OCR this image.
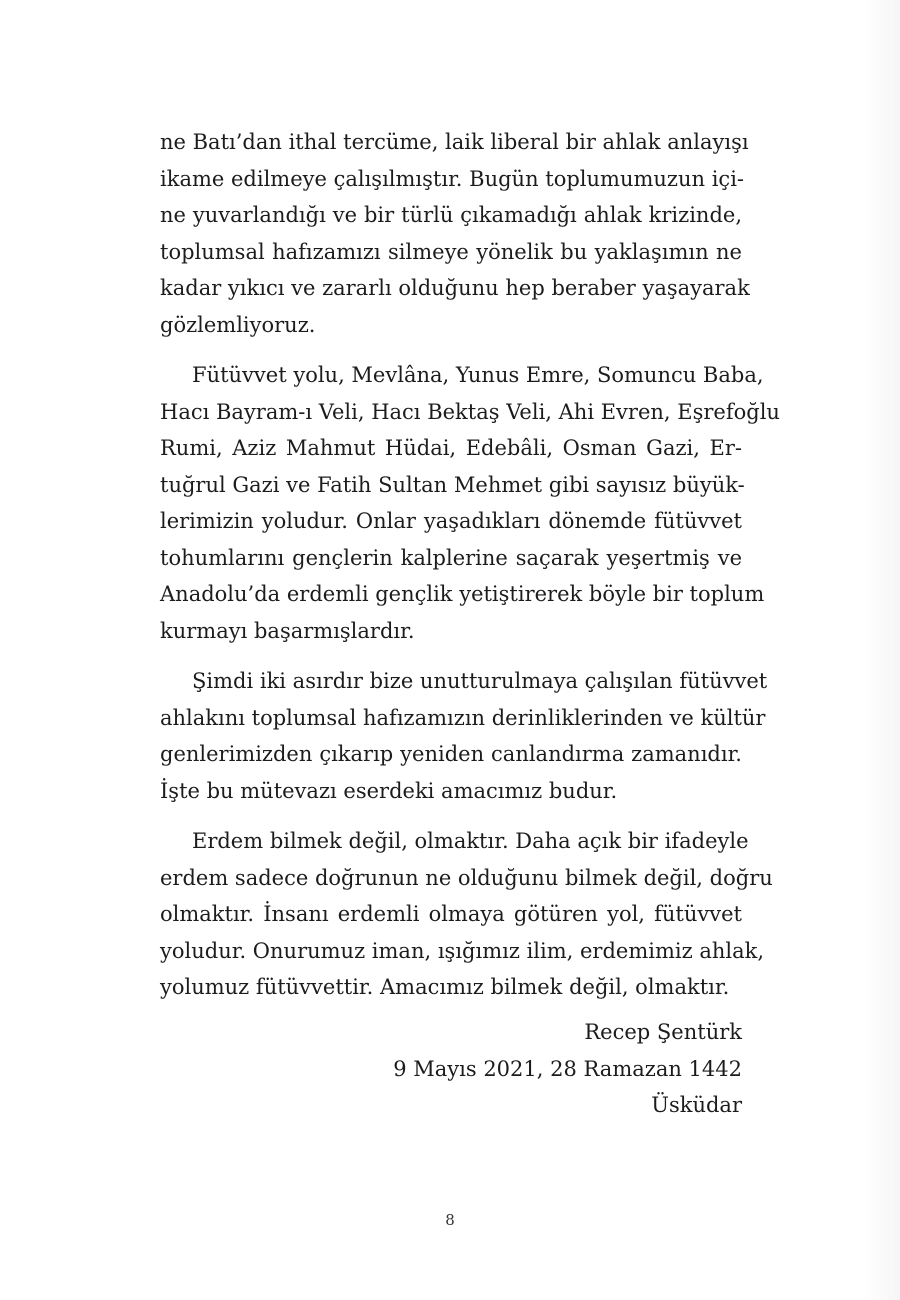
ne Batı’dan ithal tercüme, laik liberal bir ahlak anlayışı
ikame edilmeye çalışılmıştır. Bugün toplumumuzun içi-
ne yuvarlandığı ve bir türlü çıkamadığı ahlak krizinde,
toplumsal hafızamızı silmeye yönelik bu yaklaşımın ne
kadar yıkıcı ve zararlı olduğunu hep beraber yaşayarak
gözlemliyoruz.

Fütüvvet yolu, Mevlâna, Yunus Emre, Somuncu Baba,
Hacı Bayram-ı Veli, Hacı Bektaş Veli, Ahi Evren, Eşrefoğlu
Rumi, Aziz Mahmut Hüdai, Edebâli, Osman Gazi, Er-
tuğrul Gazi ve Fatih Sultan Mehmet gibi sayısız büyük-
lerimizin yoludur. Onlar yaşadıkları dönemde fütüvvet
tohumlarını gençlerin kalplerine saçarak yeşertmiş ve
Anadolu’da erdemli gençlik yetiştirerek böyle bir toplum
kurmayı başarmışlardır.

Şimdi iki asırdır bize unutturulmaya çalışılan fütüvvet
ahlakını toplumsal hafızamızın derinliklerinden ve kültür
genlerimizden çıkarıp yeniden canlandırma zamanıdır.
İşte bu mütevazı eserdeki amacımız budur.

Erdem bilmek değil, olmaktır. Daha açık bir ifadeyle
erdem sadece doğrunun ne olduğunu bilmek değil, doğru
olmaktır. İnsanı erdemli olmaya götüren yol, fütüvvet
yoludur. Onurumuz iman, ışığımız ilim, erdemimiz ahlak,
yolumuz fütüvvettir. Amacımız bilmek değil, olmaktır.

Recep Şentürk
9 Mayıs 2021, 28 Ramazan 1442
Üsküdar
8
